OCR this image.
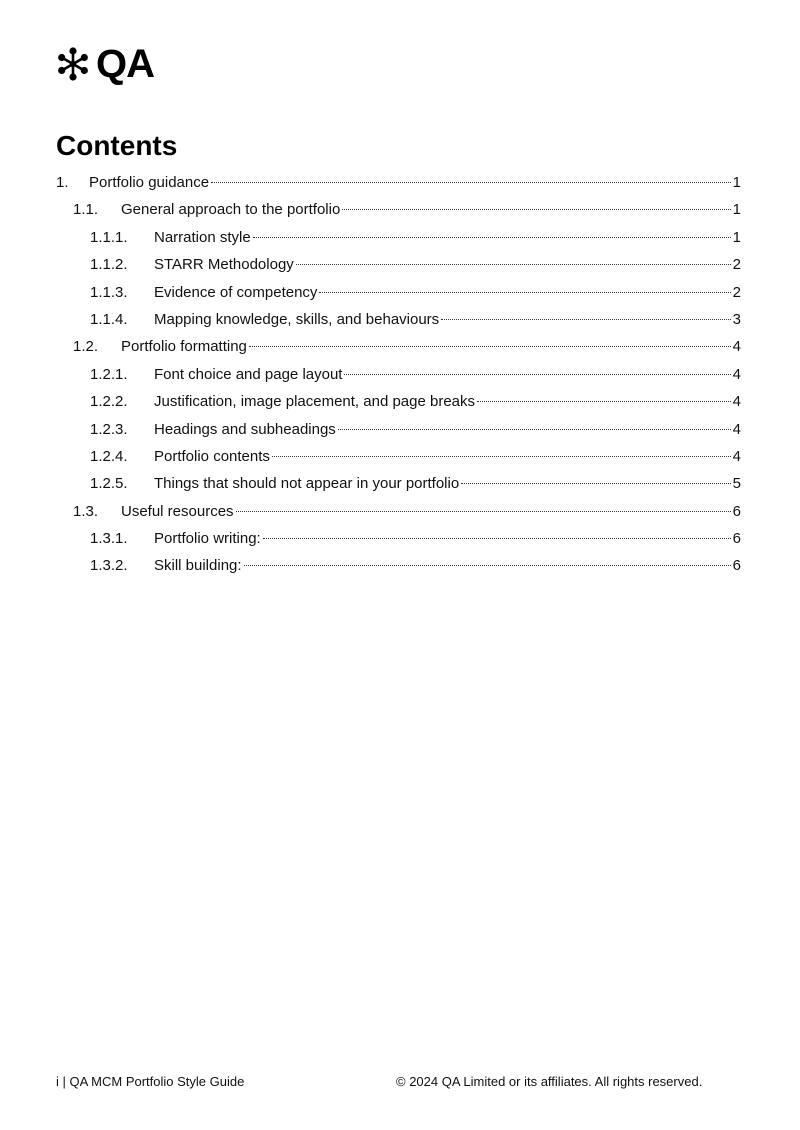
QA
Contents
1.	Portfolio guidance	1
1.1.	General approach to the portfolio	1
1.1.1.	Narration style	1
1.1.2.	STARR Methodology	2
1.1.3.	Evidence of competency	2
1.1.4.	Mapping knowledge, skills, and behaviours	3
1.2.	Portfolio formatting	4
1.2.1.	Font choice and page layout	4
1.2.2.	Justification, image placement, and page breaks	4
1.2.3.	Headings and subheadings	4
1.2.4.	Portfolio contents	4
1.2.5.	Things that should not appear in your portfolio	5
1.3.	Useful resources	6
1.3.1.	Portfolio writing:	6
1.3.2.	Skill building:	6
i | QA MCM Portfolio Style Guide	© 2024 QA Limited or its affiliates. All rights reserved.
